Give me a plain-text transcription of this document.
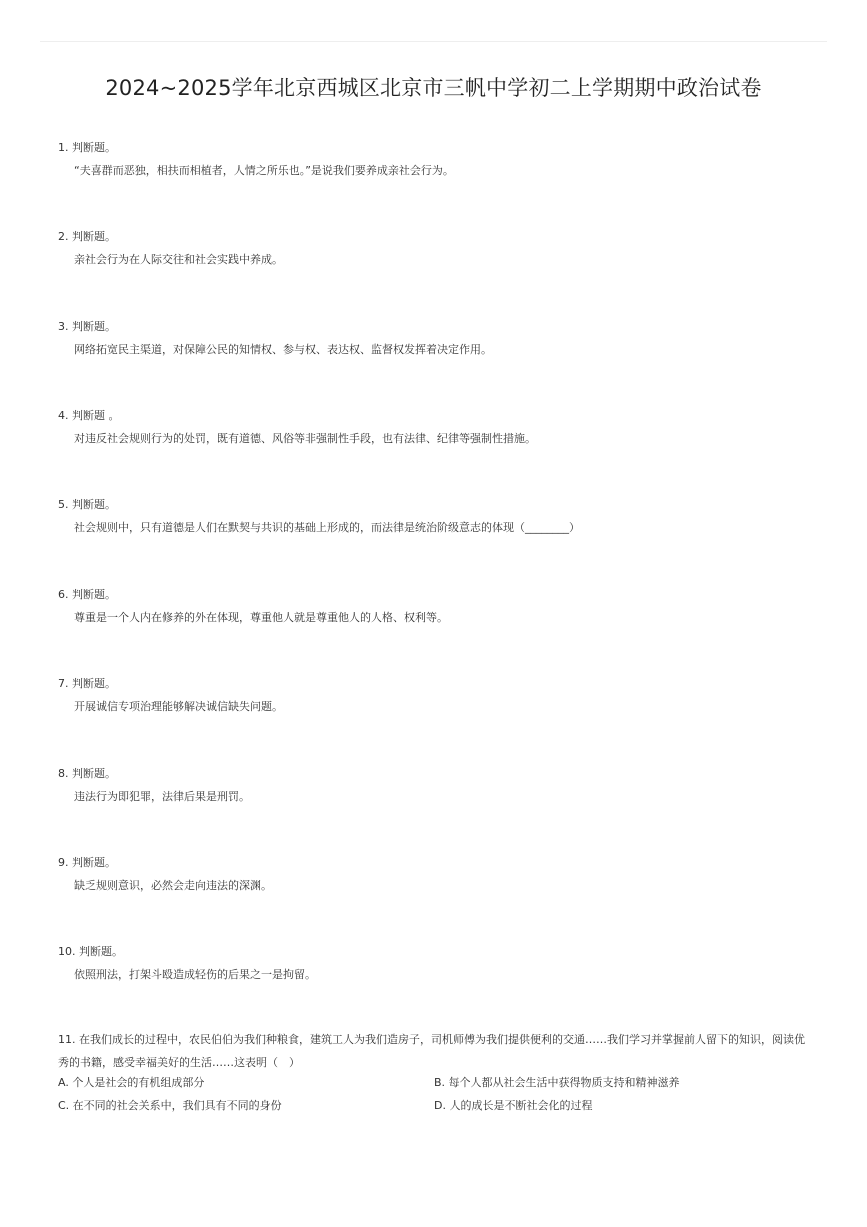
2024~2025学年北京西城区北京市三帆中学初二上学期期中政治试卷
1. 判断题。
“夫喜群而恶独，相扶而相植者，人情之所乐也。”是说我们要养成亲社会行为。
2. 判断题。
亲社会行为在人际交往和社会实践中养成。
3. 判断题。
网络拓宽民主渠道，对保障公民的知情权、参与权、表达权、监督权发挥着决定作用。
4. 判断题 。
对违反社会规则行为的处罚，既有道德、风俗等非强制性手段，也有法律、纪律等强制性措施。
5. 判断题。
社会规则中，只有道德是人们在默契与共识的基础上形成的，而法律是统治阶级意志的体现（________）
6. 判断题。
尊重是一个人内在修养的外在体现，尊重他人就是尊重他人的人格、权利等。
7. 判断题。
开展诚信专项治理能够解决诚信缺失问题。
8. 判断题。
违法行为即犯罪，法律后果是刑罚。
9. 判断题。
缺乏规则意识，必然会走向违法的深渊。
10. 判断题。
依照刑法，打架斗殴造成轻伤的后果之一是拘留。
11. 在我们成长的过程中，农民伯伯为我们种粮食，建筑工人为我们造房子，司机师傅为我们提供便利的交通……我们学习并掌握前人留下的知识，阅读优秀的书籍，感受幸福美好的生活……这表明（　）
A. 个人是社会的有机组成部分	B. 每个人都从社会生活中获得物质支持和精神滋养
C. 在不同的社会关系中，我们具有不同的身份	D. 人的成长是不断社会化的过程
